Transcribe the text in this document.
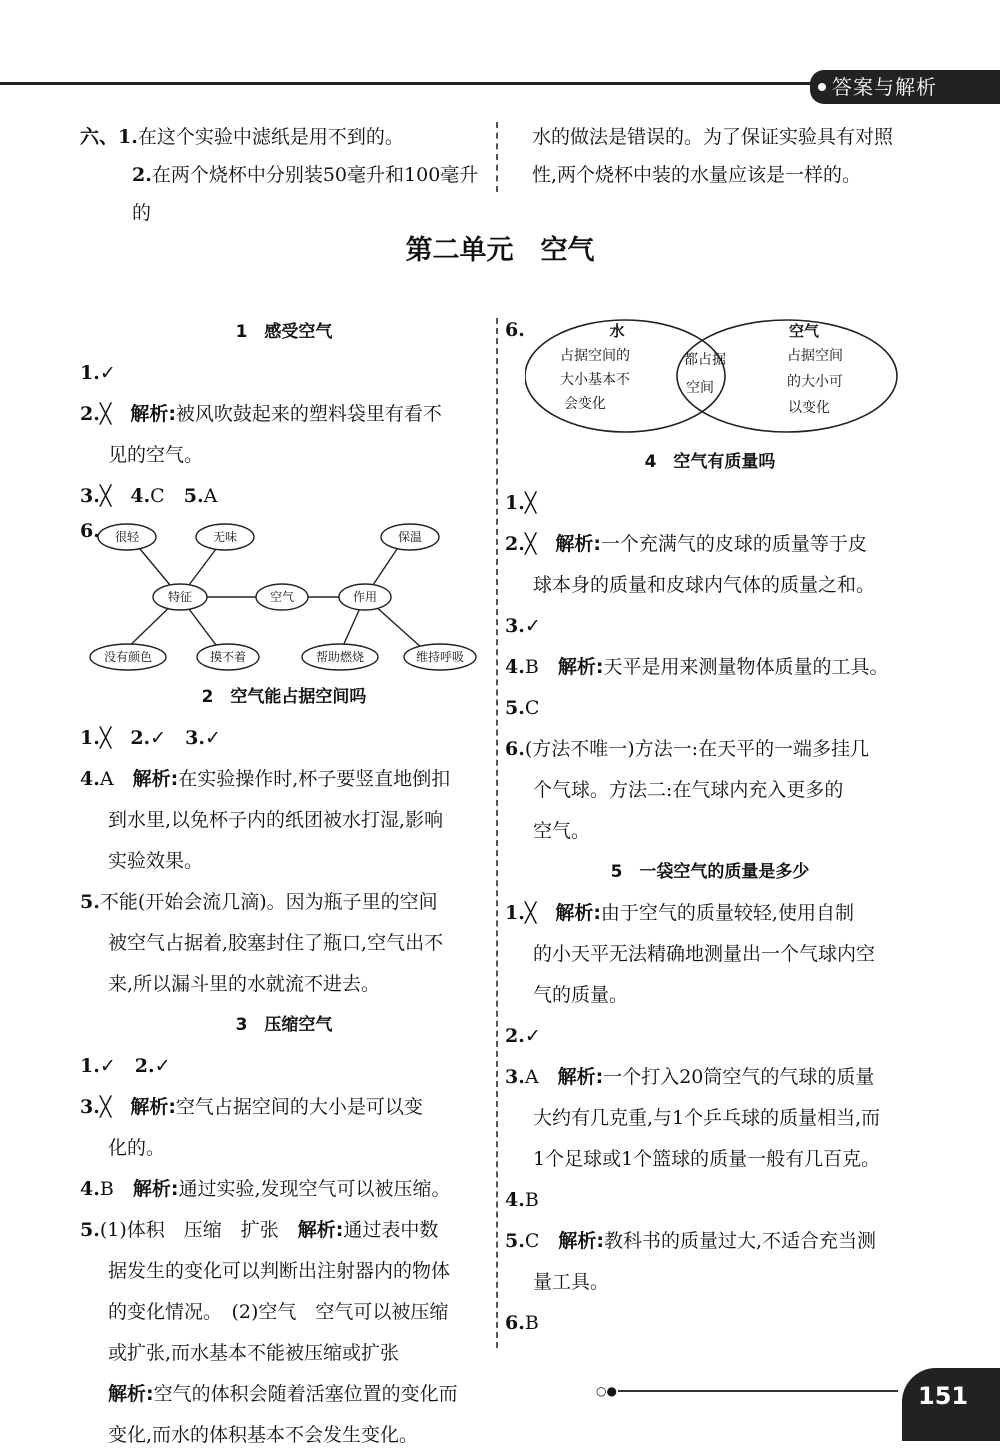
答案与解析
六、1.在这个实验中滤纸是用不到的。
2.在两个烧杯中分别装50毫升和100毫升的
水的做法是错误的。为了保证实验具有对照
性,两个烧杯中装的水量应该是一样的。
第二单元　空气

1　感受空气

1.✓

2.╳　 解析:被风吹鼓起来的塑料袋里有看不

见的空气。

3.╳　 4.C　 5.A

6. 很轻	无味
特征	空气	作用
保温
没有颜色	摸不着	帮助燃烧	维持呼吸

2　空气能占据空间吗

1.╳　 2.✓　 3.✓

4.A　 解析:在实验操作时,杯子要竖直地倒扣

到水里,以免杯子内的纸团被水打湿,影响

实验效果。

5.不能(开始会流几滴)。因为瓶子里的空间

被空气占据着,胶塞封住了瓶口,空气出不

来,所以漏斗里的水就流不进去。

3　压缩空气

1.✓　 2.✓

3.╳　 解析:空气占据空间的大小是可以变

化的。

4.B　 解析:通过实验,发现空气可以被压缩。

5.(1)体积　压缩　扩张　 解析:通过表中数

据发生的变化可以判断出注射器内的物体

的变化情况。　(2)空气　空气可以被压缩

或扩张,而水基本不能被压缩或扩张

解析:空气的体积会随着活塞位置的变化而

变化,而水的体积基本不会发生变化。

6.	水	空气
占据空间的
大小基本不
会变化
都占据
空间
占据空间
的大小可
以变化

4　空气有质量吗

1.╳

2.╳　 解析:一个充满气的皮球的质量等于皮

球本身的质量和皮球内气体的质量之和。

3.✓

4.B　 解析:天平是用来测量物体质量的工具。

5.C

6.(方法不唯一)方法一:在天平的一端多挂几

个气球。方法二:在气球内充入更多的

空气。

5　一袋空气的质量是多少

1.╳　 解析:由于空气的质量较轻,使用自制

的小天平无法精确地测量出一个气球内空

气的质量。

2.✓

3.A　 解析:一个打入20筒空气的气球的质量

大约有几克重,与1个乒乓球的质量相当,而

1个足球或1个篮球的质量一般有几百克。

4.B

5.C　 解析:教科书的质量过大,不适合充当测

量工具。

6.B

○●	151
